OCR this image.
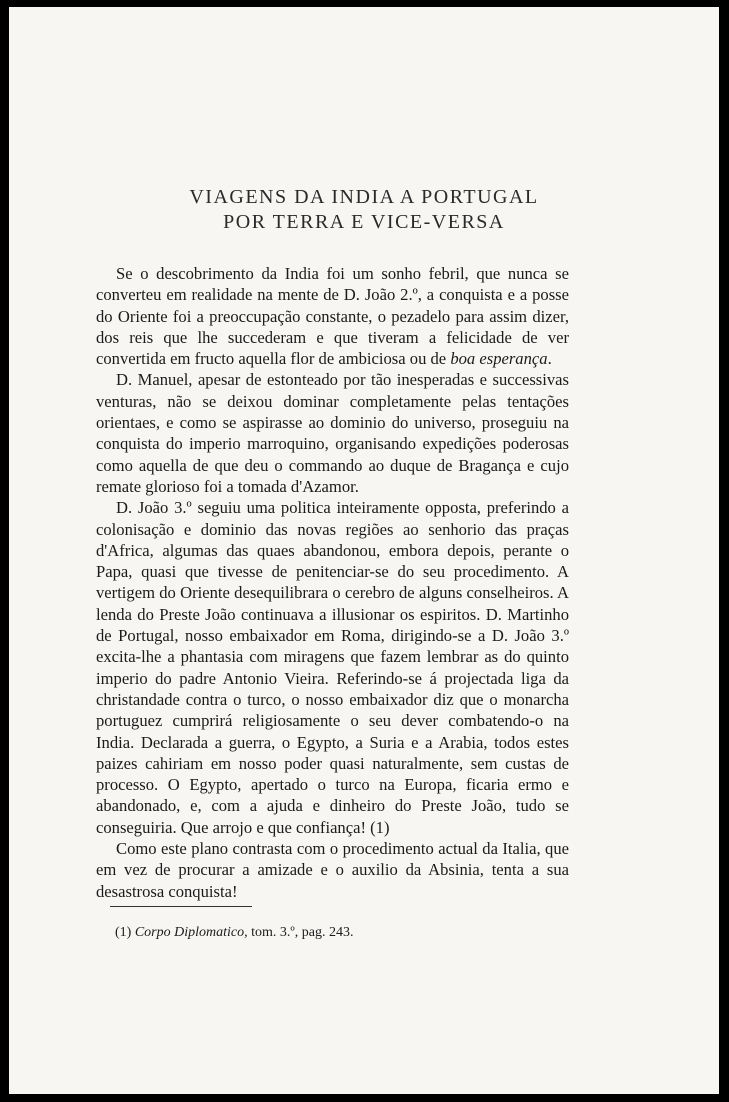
VIAGENS DA INDIA A PORTUGAL
POR TERRA E VICE-VERSA

Se o descobrimento da India foi um sonho febril, que nunca se converteu em realidade na mente de D. João 2.º, a conquista e a posse do Oriente foi a preoccupação constante, o pezadelo para assim dizer, dos reis que lhe succederam e que tiveram a felicidade de ver convertida em fructo aquella flor de ambiciosa ou de boa esperança.

D. Manuel, apesar de estonteado por tão inesperadas e successivas venturas, não se deixou dominar completamente pelas tentações orientaes, e como se aspirasse ao dominio do universo, proseguiu na conquista do imperio marroquino, organisando expedições poderosas como aquella de que deu o commando ao duque de Bragança e cujo remate glorioso foi a tomada d'Azamor.

D. João 3.º seguiu uma politica inteiramente opposta, preferindo a colonisação e dominio das novas regiões ao senhorio das praças d'Africa, algumas das quaes abandonou, embora depois, perante o Papa, quasi que tivesse de penitenciar-se do seu procedimento. A vertigem do Oriente desequilibrara o cerebro de alguns conselheiros. A lenda do Preste João continuava a illusionar os espiritos. D. Martinho de Portugal, nosso embaixador em Roma, dirigindo-se a D. João 3.º excita-lhe a phantasia com miragens que fazem lembrar as do quinto imperio do padre Antonio Vieira. Referindo-se á projectada liga da christandade contra o turco, o nosso embaixador diz que o monarcha portuguez cumprirá religiosamente o seu dever combatendo-o na India. Declarada a guerra, o Egypto, a Suria e a Arabia, todos estes paizes cahiriam em nosso poder quasi naturalmente, sem custas de processo. O Egypto, apertado o turco na Europa, ficaria ermo e abandonado, e, com a ajuda e dinheiro do Preste João, tudo se conseguiria. Que arrojo e que confiança! (1)

Como este plano contrasta com o procedimento actual da Italia, que em vez de procurar a amizade e o auxilio da Absinia, tenta a sua desastrosa conquista!

(1) Corpo Diplomatico, tom. 3.º, pag. 243.
